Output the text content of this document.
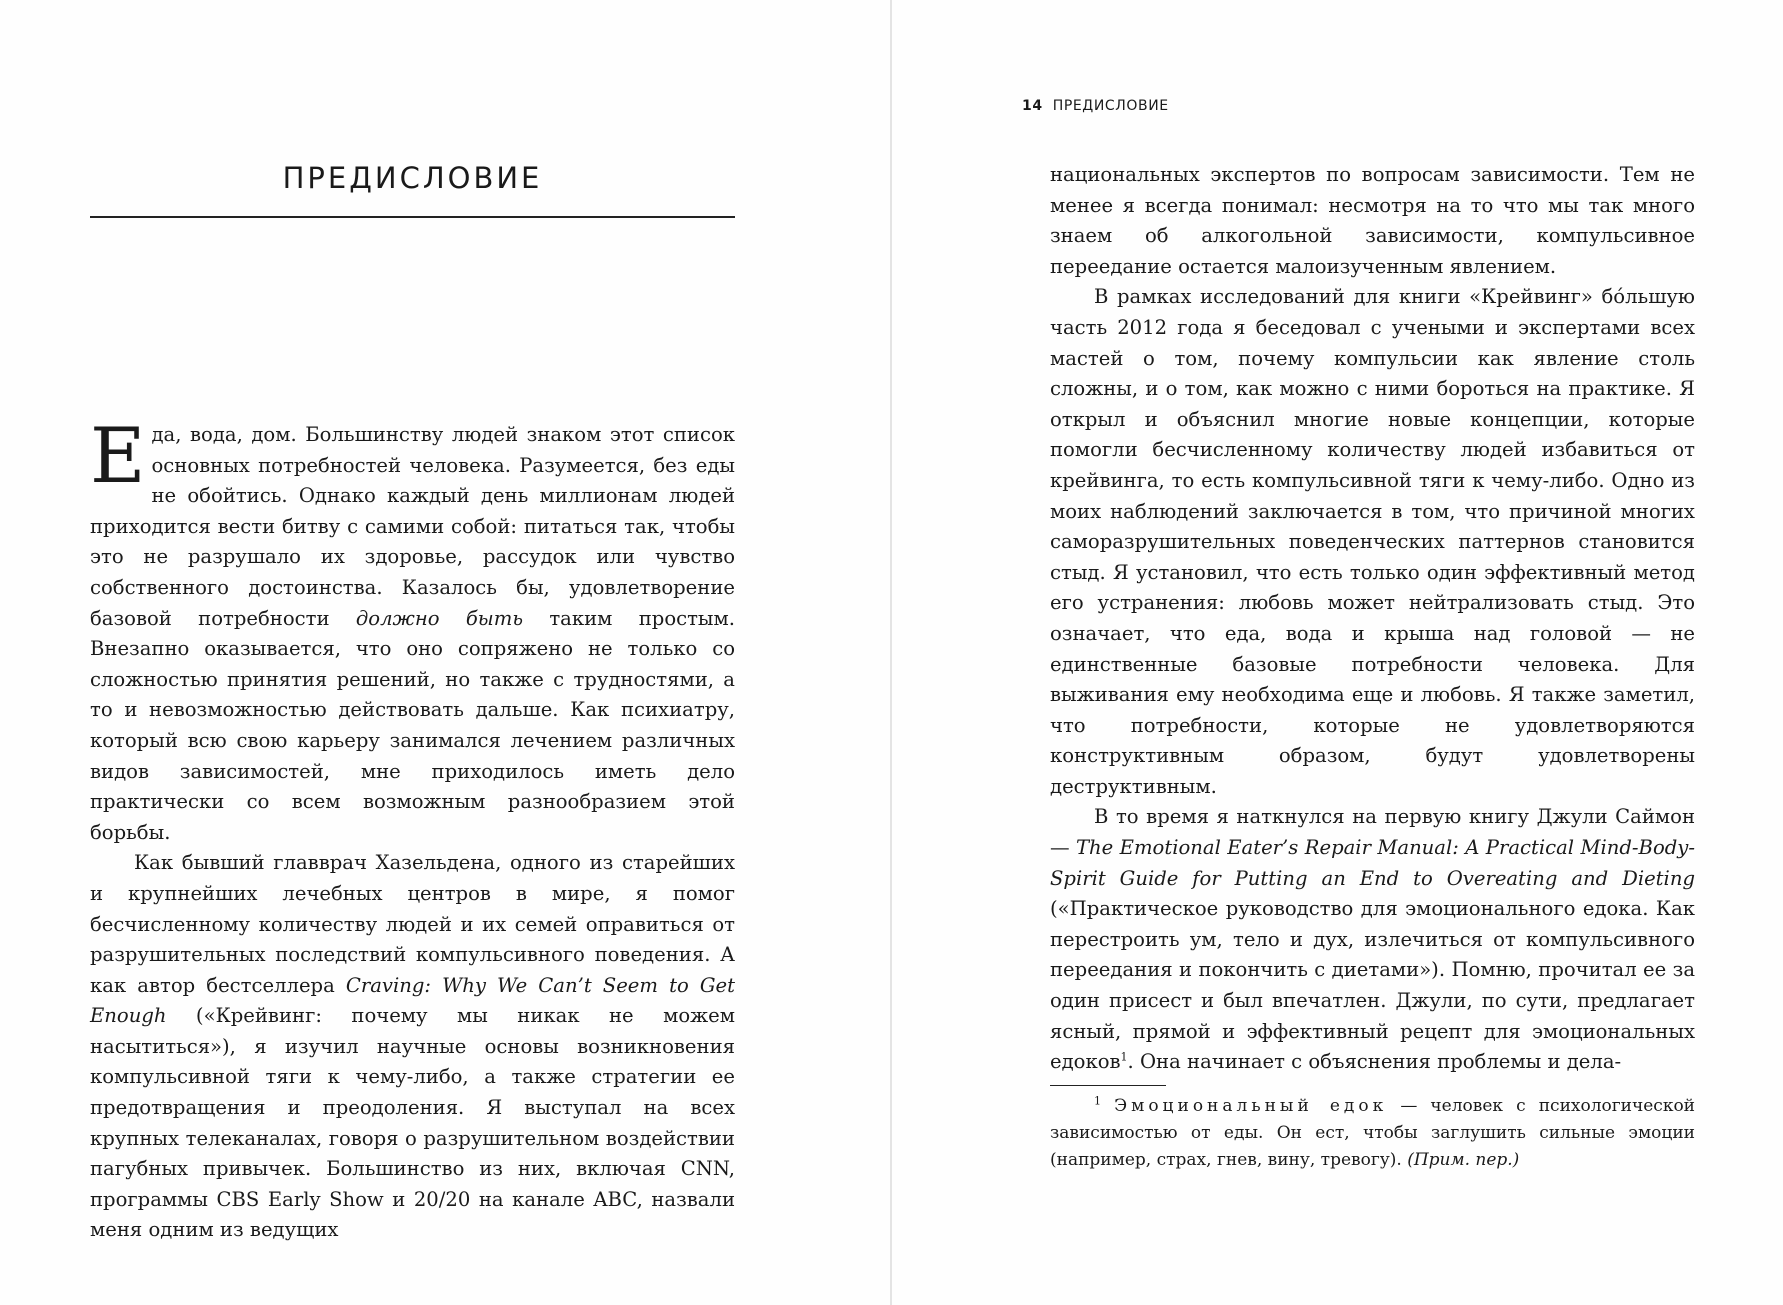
ПРЕДИСЛОВИЕ

Еда, вода, дом. Большинству людей знаком этот список основных потребностей человека. Разумеется, без еды не обойтись. Однако каждый день миллионам людей приходится вести битву с самими собой: питаться так, чтобы это не разрушало их здоровье, рассудок или чувство собственного достоинства. Казалось бы, удовлетворение базовой потребности должно быть таким простым. Внезапно оказывается, что оно сопряжено не только со сложностью принятия решений, но также с трудностями, а то и невозможностью действовать дальше. Как психиатру, который всю свою карьеру занимался лечением различных видов зависимостей, мне приходилось иметь дело практически со всем возможным разнообразием этой борьбы.

Как бывший главврач Хазельдена, одного из старейших и крупнейших лечебных центров в мире, я помог бесчисленному количеству людей и их семей оправиться от разрушительных последствий компульсивного поведения. А как автор бестселлера Craving: Why We Can’t Seem to Get Enough («Крейвинг: почему мы никак не можем насытиться»), я изучил научные основы возникновения компульсивной тяги к чему-либо, а также стратегии ее предотвращения и преодоления. Я выступал на всех крупных телеканалах, говоря о разрушительном воздействии пагубных привычек. Большинство из них, включая CNN, программы CBS Early Show и 20/20 на канале ABC, назвали меня одним из ведущих

14 ПРЕДИСЛОВИЕ

национальных экспертов по вопросам зависимости. Тем не менее я всегда понимал: несмотря на то что мы так много знаем об алкогольной зависимости, компульсивное переедание остается малоизученным явлением.

В рамках исследований для книги «Крейвинг» бо́льшую часть 2012 года я беседовал с учеными и экспертами всех мастей о том, почему компульсии как явление столь сложны, и о том, как можно с ними бороться на практике. Я открыл и объяснил многие новые концепции, которые помогли бесчисленному количеству людей избавиться от крейвинга, то есть компульсивной тяги к чему-либо. Одно из моих наблюдений заключается в том, что причиной многих саморазрушительных поведенческих паттернов становится стыд. Я установил, что есть только один эффективный метод его устранения: любовь может нейтрализовать стыд. Это означает, что еда, вода и крыша над головой — не единственные базовые потребности человека. Для выживания ему необходима еще и любовь. Я также заметил, что потребности, которые не удовлетворяются конструктивным образом, будут удовлетворены деструктивным.

В то время я наткнулся на первую книгу Джули Саймон — The Emotional Eater’s Repair Manual: A Practical Mind-Body-Spirit Guide for Putting an End to Overeating and Dieting («Практическое руководство для эмоционального едока. Как перестроить ум, тело и дух, излечиться от компульсивного переедания и покончить с диетами»). Помню, прочитал ее за один присест и был впечатлен. Джули, по сути, предлагает ясный, прямой и эффективный рецепт для эмоциональных едоков$^1$. Она начинает с объяснения проблемы и дела-

$^1$ Эмоциональный едок — человек с психологической зависимостью от еды. Он ест, чтобы заглушить сильные эмоции (например, страх, гнев, вину, тревогу). (Прим. пер.)
